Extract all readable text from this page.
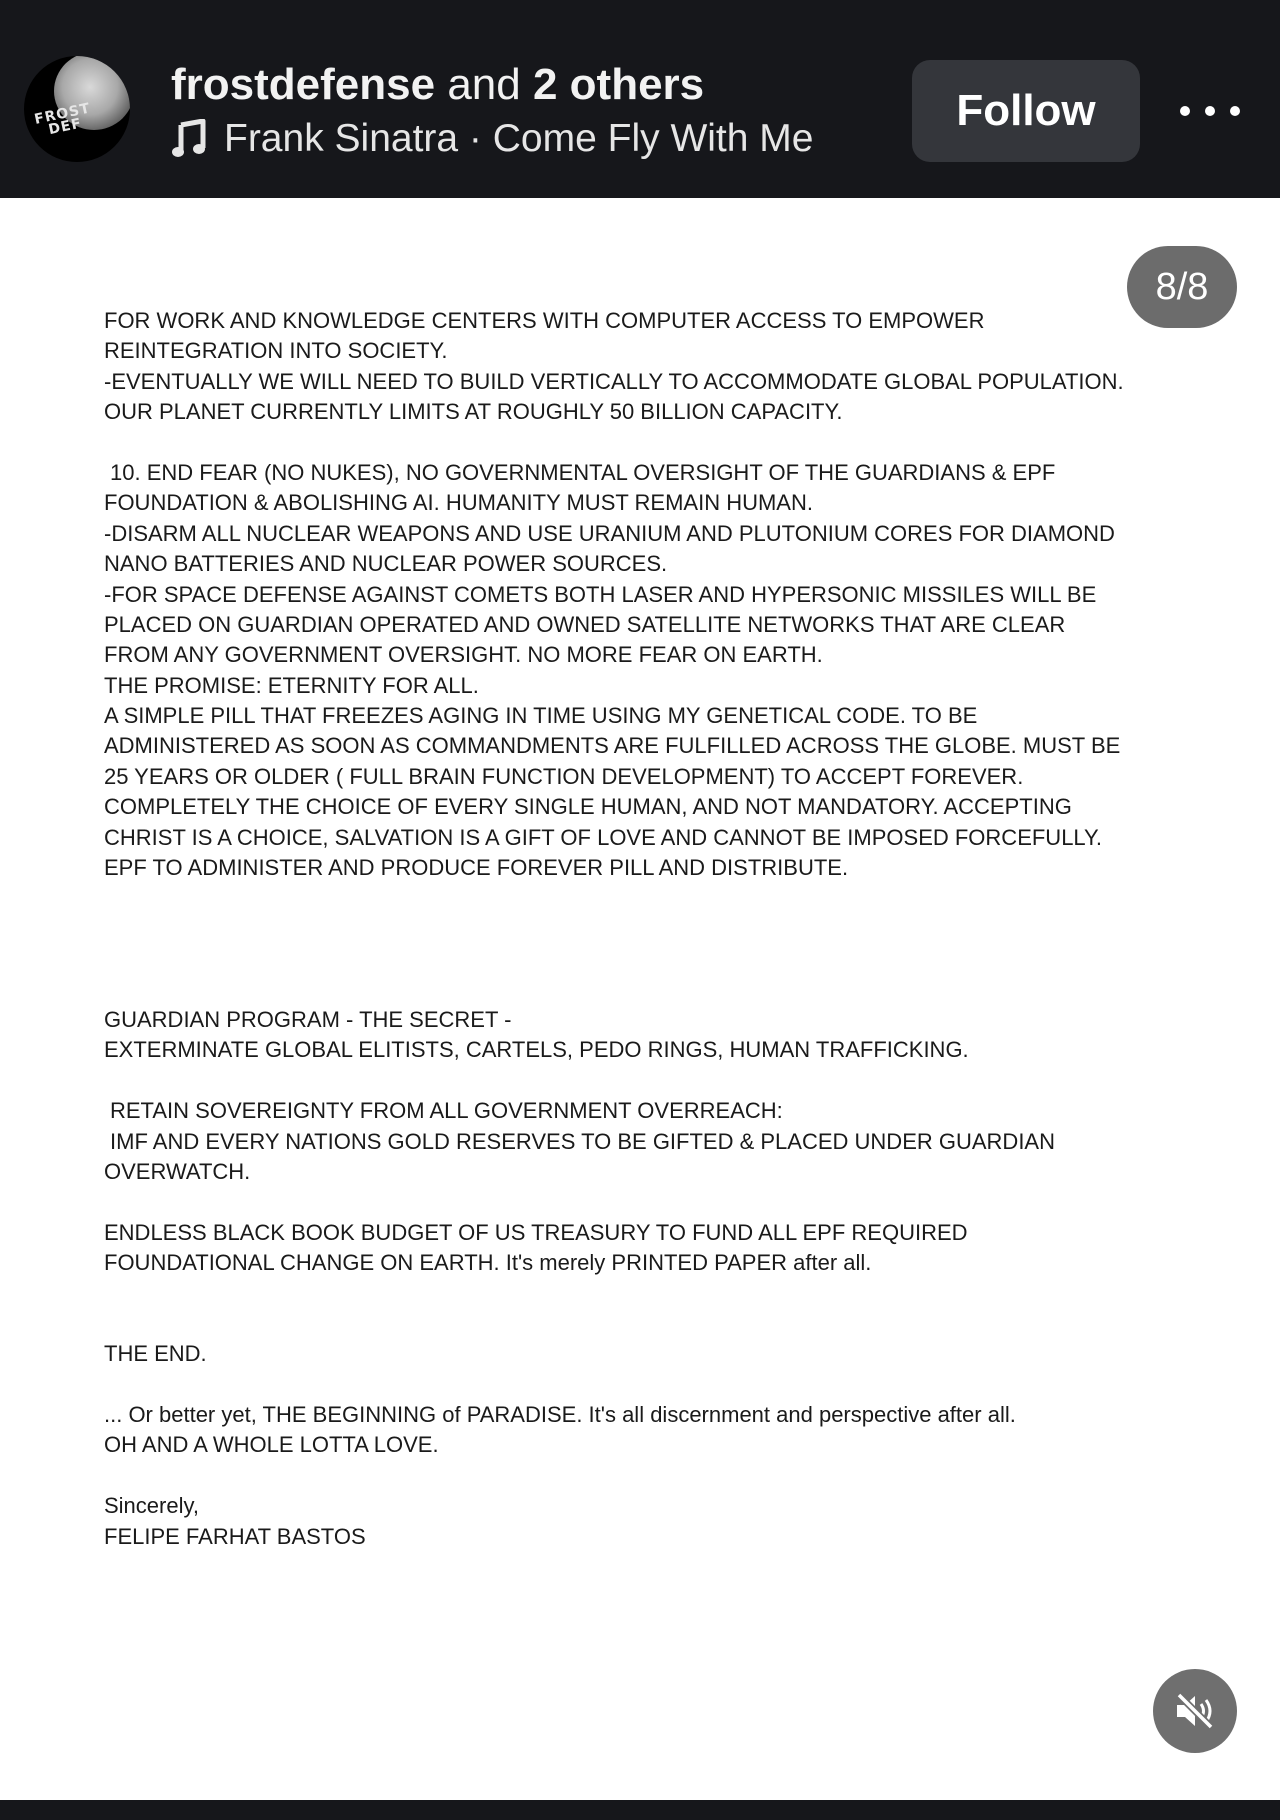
FROST DEF
frostdefense and 2 others
Frank Sinatra · Come Fly With Me
Follow
8/8
FOR WORK AND KNOWLEDGE CENTERS WITH COMPUTER ACCESS TO EMPOWER
REINTEGRATION INTO SOCIETY.
-EVENTUALLY WE WILL NEED TO BUILD VERTICALLY TO ACCOMMODATE GLOBAL POPULATION.
OUR PLANET CURRENTLY LIMITS AT ROUGHLY 50 BILLION CAPACITY.
10. END FEAR (NO NUKES), NO GOVERNMENTAL OVERSIGHT OF THE GUARDIANS & EPF
FOUNDATION & ABOLISHING AI. HUMANITY MUST REMAIN HUMAN.
-DISARM ALL NUCLEAR WEAPONS AND USE URANIUM AND PLUTONIUM CORES FOR DIAMOND
NANO BATTERIES AND NUCLEAR POWER SOURCES.
-FOR SPACE DEFENSE AGAINST COMETS BOTH LASER AND HYPERSONIC MISSILES WILL BE
PLACED ON GUARDIAN OPERATED AND OWNED SATELLITE NETWORKS THAT ARE CLEAR
FROM ANY GOVERNMENT OVERSIGHT. NO MORE FEAR ON EARTH.
THE PROMISE: ETERNITY FOR ALL.
A SIMPLE PILL THAT FREEZES AGING IN TIME USING MY GENETICAL CODE. TO BE
ADMINISTERED AS SOON AS COMMANDMENTS ARE FULFILLED ACROSS THE GLOBE. MUST BE
25 YEARS OR OLDER ( FULL BRAIN FUNCTION DEVELOPMENT) TO ACCEPT FOREVER.
COMPLETELY THE CHOICE OF EVERY SINGLE HUMAN, AND NOT MANDATORY. ACCEPTING
CHRIST IS A CHOICE, SALVATION IS A GIFT OF LOVE AND CANNOT BE IMPOSED FORCEFULLY.
EPF TO ADMINISTER AND PRODUCE FOREVER PILL AND DISTRIBUTE.
GUARDIAN PROGRAM - THE SECRET -
EXTERMINATE GLOBAL ELITISTS, CARTELS, PEDO RINGS, HUMAN TRAFFICKING.
RETAIN SOVEREIGNTY FROM ALL GOVERNMENT OVERREACH:
IMF AND EVERY NATIONS GOLD RESERVES TO BE GIFTED & PLACED UNDER GUARDIAN
OVERWATCH.
ENDLESS BLACK BOOK BUDGET OF US TREASURY TO FUND ALL EPF REQUIRED
FOUNDATIONAL CHANGE ON EARTH. It's merely PRINTED PAPER after all.
THE END.
... Or better yet, THE BEGINNING of PARADISE. It's all discernment and perspective after all.
OH AND A WHOLE LOTTA LOVE.
Sincerely,
FELIPE FARHAT BASTOS
